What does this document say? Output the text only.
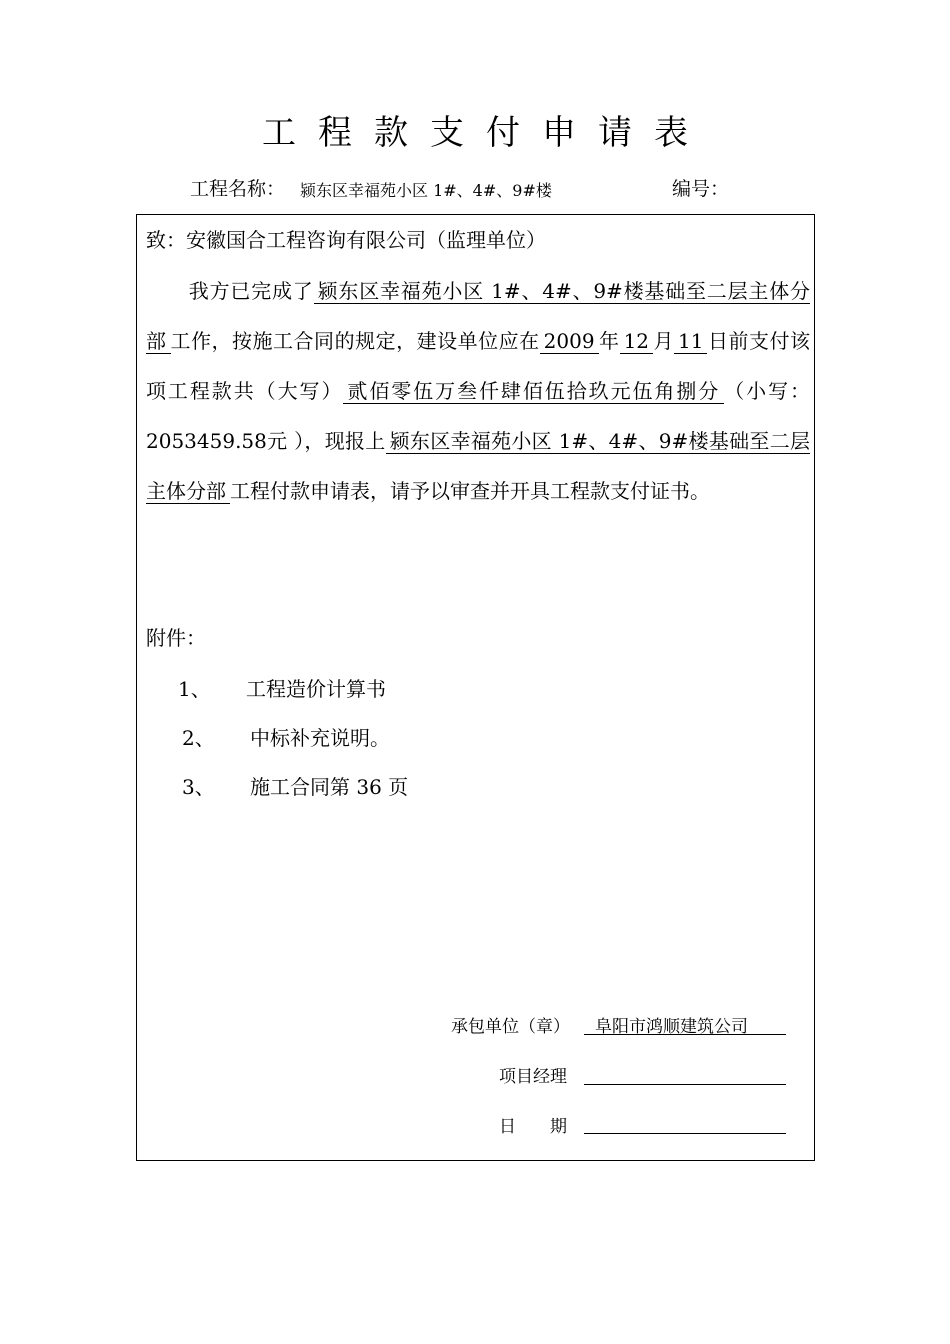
工程款支付申请表
工程名称： 颍东区幸福苑小区 1#、4#、9#楼	编号：
致：安徽国合工程咨询有限公司（监理单位）
我方已完成了 颍东区幸福苑小区 1#、4#、9#楼基础至二层主体分部 工作，按施工合同的规定，建设单位应在 2009 年 12 月 11 日前支付该项工程款共（大写） 贰佰零伍万叁仟肆佰伍拾玖元伍角捌分 （小写：2053459.58元 ），现报上 颍东区幸福苑小区 1#、4#、9#楼基础至二层主体分部 工程付款申请表，请予以审查并开具工程款支付证书。
附件：
1、 工程造价计算书
2、 中标补充说明。
3、 施工合同第 36 页
承包单位（章） 阜阳市鸿顺建筑公司
项目经理
日　　期
